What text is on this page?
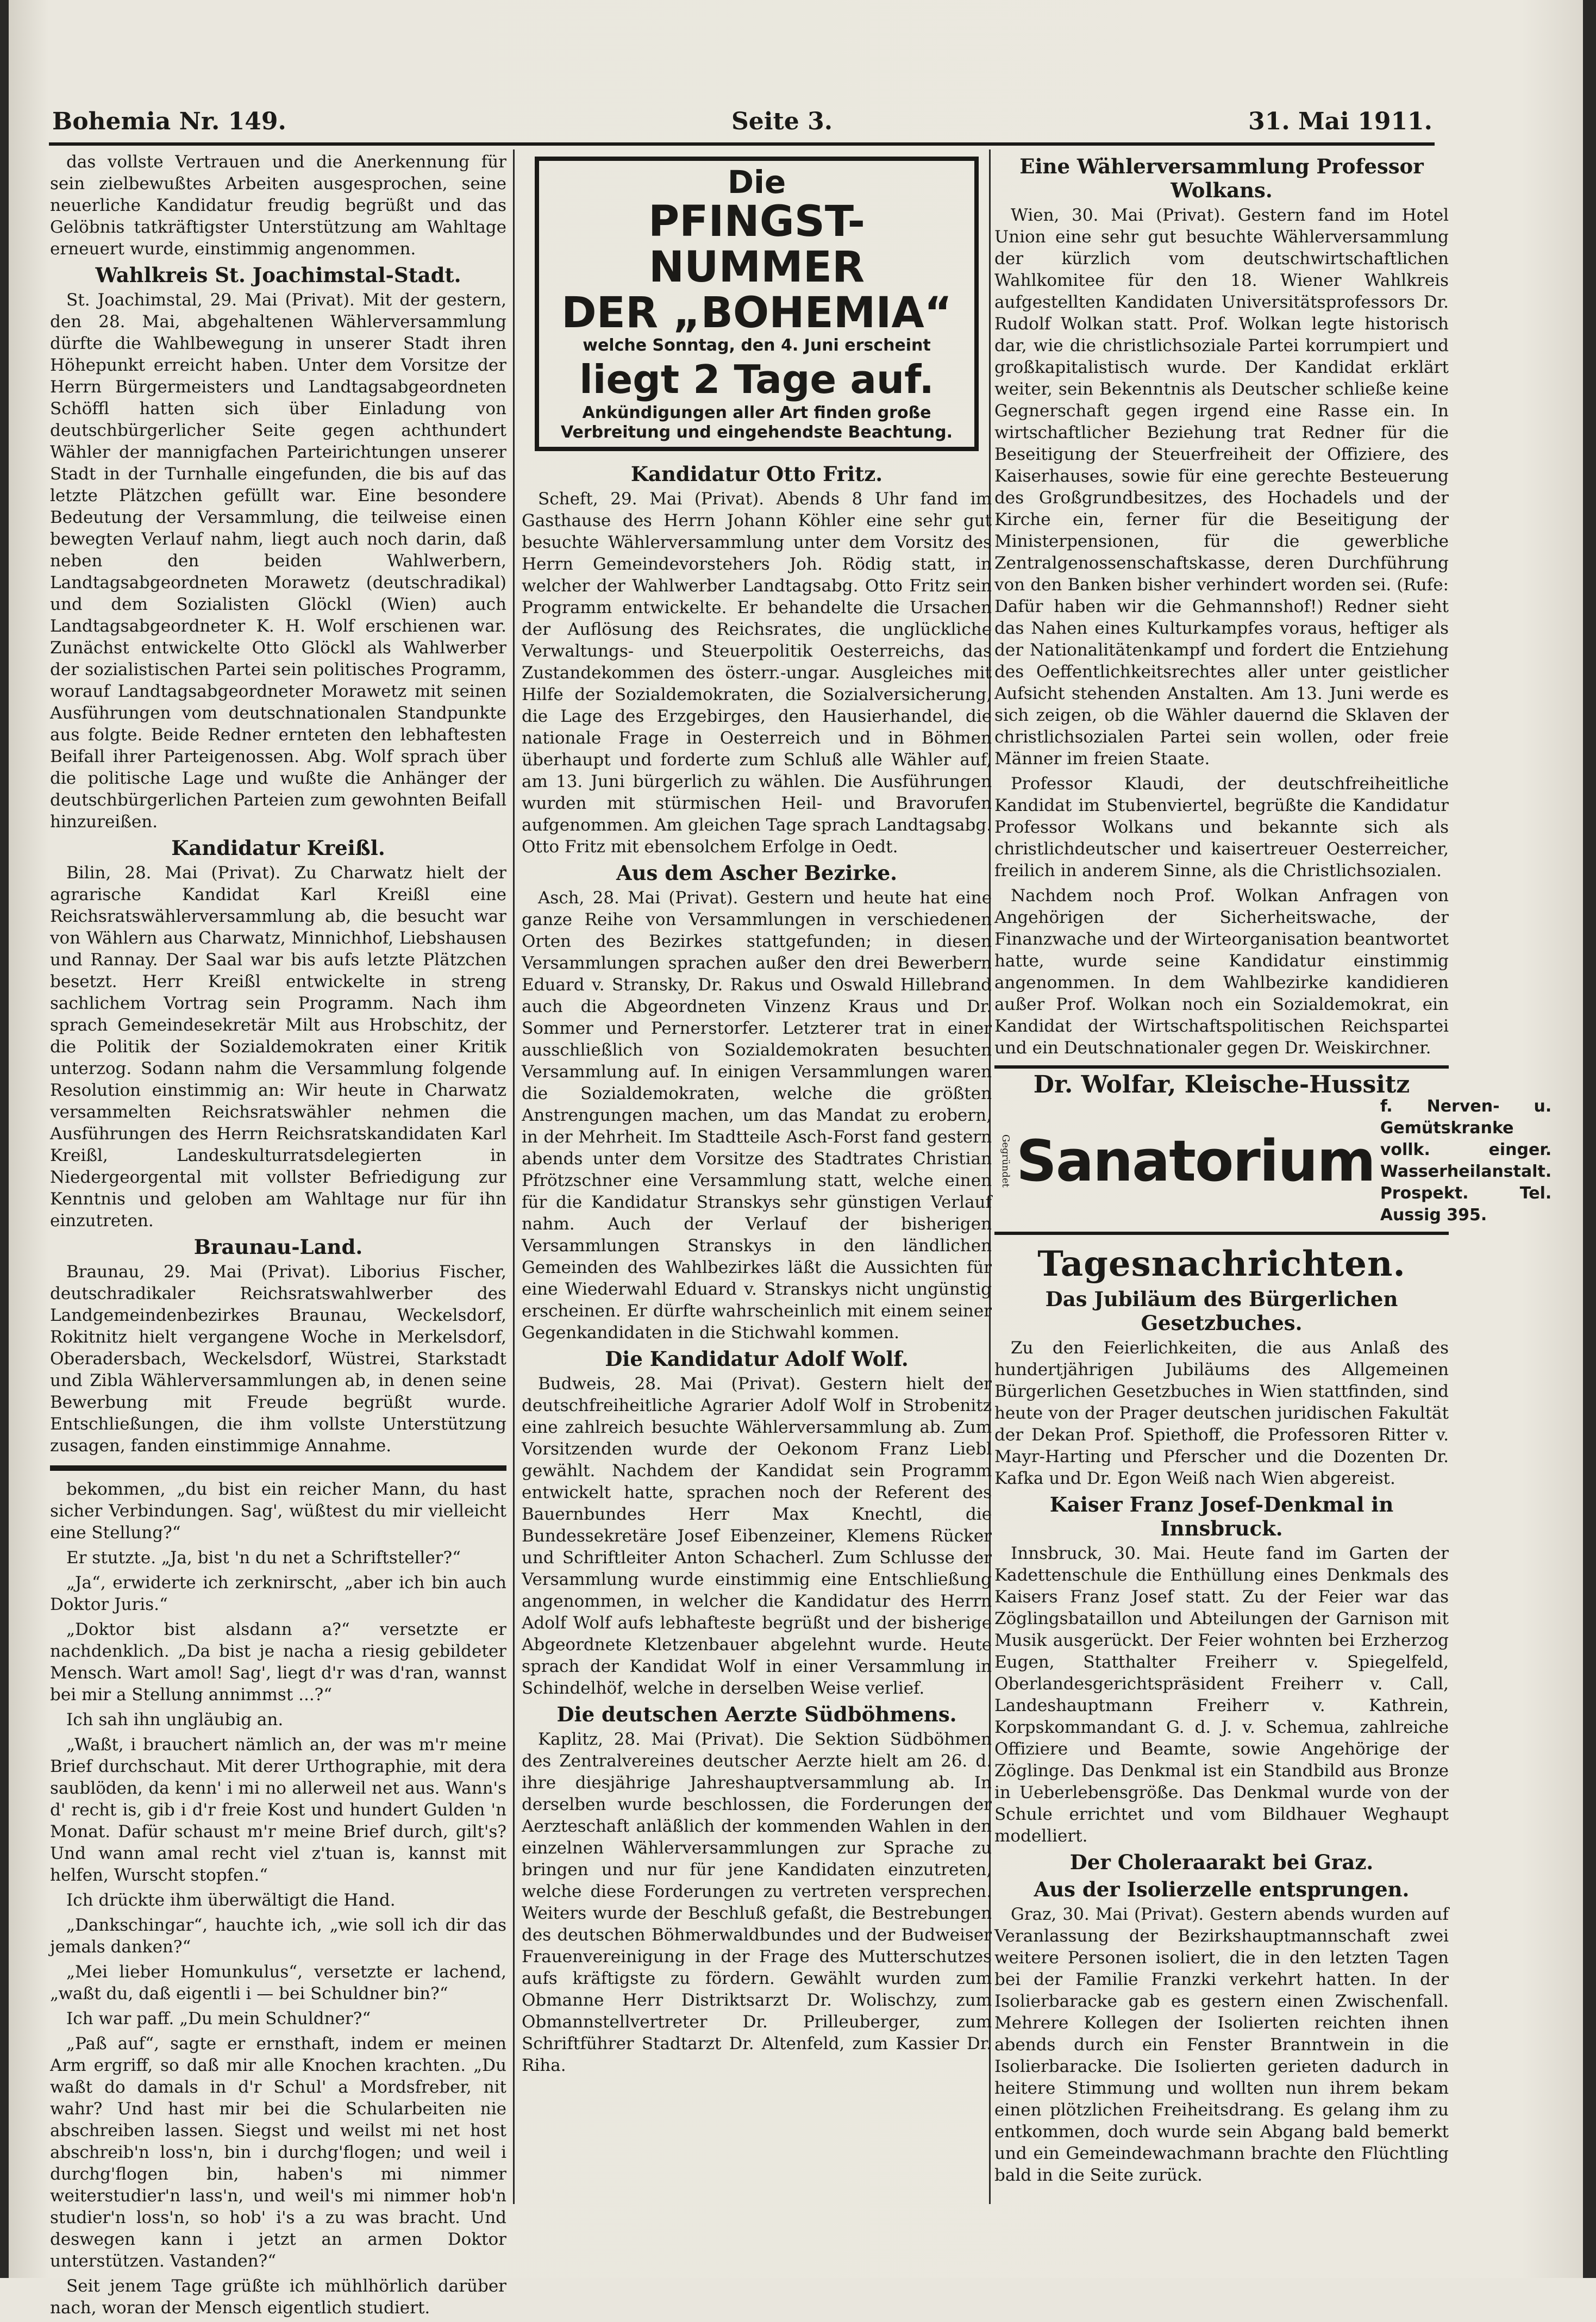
Bohemia Nr. 149.	Seite 3.	31. Mai 1911.

das vollste Vertrauen und die Anerkennung für sein zielbewußtes Arbeiten ausgesprochen, seine neuerliche Kandidatur freudig begrüßt und das Gelöbnis tatkräftigster Unterstützung am Wahltage erneuert wurde, einstimmig angenommen.

Wahlkreis St. Joachimstal-Stadt.

St. Joachimstal, 29. Mai (Privat). Mit der gestern, den 28. Mai, abgehaltenen Wählerversammlung dürfte die Wahlbewegung in unserer Stadt ihren Höhepunkt erreicht haben. Unter dem Vorsitze der Herrn Bürgermeisters und Landtagsabgeordneten Schöffl hatten sich über Einladung von deutschbürgerlicher Seite gegen achthundert Wähler der mannigfachen Parteirichtungen unserer Stadt in der Turnhalle eingefunden, die bis auf das letzte Plätzchen gefüllt war. Eine besondere Bedeutung der Versammlung, die teilweise einen bewegten Verlauf nahm, liegt auch noch darin, daß neben den beiden Wahlwerbern, Landtagsabgeordneten Morawetz (deutschradikal) und dem Sozialisten Glöckl (Wien) auch Landtagsabgeordneter K. H. Wolf erschienen war. Zunächst entwickelte Otto Glöckl als Wahlwerber der sozialistischen Partei sein politisches Programm, worauf Landtagsabgeordneter Morawetz mit seinen Ausführungen vom deutschnationalen Standpunkte aus folgte. Beide Redner ernteten den lebhaftesten Beifall ihrer Parteigenossen. Abg. Wolf sprach über die politische Lage und wußte die Anhänger der deutschbürgerlichen Parteien zum gewohnten Beifall hinzureißen.

Kandidatur Kreißl.

Bilin, 28. Mai (Privat). Zu Charwatz hielt der agrarische Kandidat Karl Kreißl eine Reichsratswählerversammlung ab, die besucht war von Wählern aus Charwatz, Minnichhof, Liebshausen und Rannay. Der Saal war bis aufs letzte Plätzchen besetzt. Herr Kreißl entwickelte in streng sachlichem Vortrag sein Programm. Nach ihm sprach Gemeindesekretär Milt aus Hrobschitz, der die Politik der Sozialdemokraten einer Kritik unterzog. Sodann nahm die Versammlung folgende Resolution einstimmig an: Wir heute in Charwatz versammelten Reichsratswähler nehmen die Ausführungen des Herrn Reichsratskandidaten Karl Kreißl, Landeskulturratsdelegierten in Niedergeorgental mit vollster Befriedigung zur Kenntnis und geloben am Wahltage nur für ihn einzutreten.

Braunau-Land.

Braunau, 29. Mai (Privat). Liborius Fischer, deutschradikaler Reichsratswahlwerber des Landgemeindenbezirkes Braunau, Weckelsdorf, Rokitnitz hielt vergangene Woche in Merkelsdorf, Oberadersbach, Weckelsdorf, Wüstrei, Starkstadt und Zibla Wählerversammlungen ab, in denen seine Bewerbung mit Freude begrüßt wurde. Entschließungen, die ihm vollste Unterstützung zusagen, fanden einstimmige Annahme.

bekommen, „du bist ein reicher Mann, du hast sicher Verbindungen. Sag', wüßtest du mir vielleicht eine Stellung?“

Er stutzte. „Ja, bist 'n du net a Schriftsteller?“

„Ja“, erwiderte ich zerknirscht, „aber ich bin auch Doktor Juris.“

„Doktor bist alsdann a?“ versetzte er nachdenklich. „Da bist je nacha a riesig gebildeter Mensch. Wart amol! Sag', liegt d'r was d'ran, wannst bei mir a Stellung annimmst ...?“

Ich sah ihn ungläubig an.

„Waßt, i brauchert nämlich an, der was m'r meine Brief durchschaut. Mit derer Urthographie, mit dera saublöden, da kenn' i mi no allerweil net aus. Wann's d' recht is, gib i d'r freie Kost und hundert Gulden 'n Monat. Dafür schaust m'r meine Brief durch, gilt's? Und wann amal recht viel z'tuan is, kannst mit helfen, Wurscht stopfen.“

Ich drückte ihm überwältigt die Hand.

„Dankschingar“, hauchte ich, „wie soll ich dir das jemals danken?“

„Mei lieber Homunkulus“, versetzte er lachend, „waßt du, daß eigentli i — bei Schuldner bin?“

Ich war paff. „Du mein Schuldner?“

„Paß auf“, sagte er ernsthaft, indem er meinen Arm ergriff, so daß mir alle Knochen krachten. „Du waßt do damals in d'r Schul' a Mordsfreber, nit wahr? Und hast mir bei die Schularbeiten nie abschreiben lassen. Siegst und weilst mi net host abschreib'n loss'n, bin i durchg'flogen; und weil i durchg'flogen bin, haben's mi nimmer weiterstudier'n lass'n, und weil's mi nimmer hob'n studier'n loss'n, so hob' i's a zu was bracht. Und deswegen kann i jetzt an armen Doktor unterstützen. Vastanden?“

Seit jenem Tage grüßte ich mühlhörlich darüber nach, woran der Mensch eigentlich studiert.

Die
PFINGST-NUMMER
DER „BOHEMIA“
welche Sonntag, den 4. Juni erscheint
liegt 2 Tage auf.
Ankündigungen aller Art finden große Verbreitung und eingehendste Beachtung.
Kandidatur Otto Fritz.

Scheft, 29. Mai (Privat). Abends 8 Uhr fand im Gasthause des Herrn Johann Köhler eine sehr gut besuchte Wählerversammlung unter dem Vorsitz des Herrn Gemeindevorstehers Joh. Rödig statt, in welcher der Wahlwerber Landtagsabg. Otto Fritz sein Programm entwickelte. Er behandelte die Ursachen der Auflösung des Reichsrates, die unglückliche Verwaltungs- und Steuerpolitik Oesterreichs, das Zustandekommen des österr.-ungar. Ausgleiches mit Hilfe der Sozialdemokraten, die Sozialversicherung, die Lage des Erzgebirges, den Hausierhandel, die nationale Frage in Oesterreich und in Böhmen überhaupt und forderte zum Schluß alle Wähler auf, am 13. Juni bürgerlich zu wählen. Die Ausführungen wurden mit stürmischen Heil- und Bravorufen aufgenommen. Am gleichen Tage sprach Landtagsabg. Otto Fritz mit ebensolchem Erfolge in Oedt.

Aus dem Ascher Bezirke.

Asch, 28. Mai (Privat). Gestern und heute hat eine ganze Reihe von Versammlungen in verschiedenen Orten des Bezirkes stattgefunden; in diesen Versammlungen sprachen außer den drei Bewerbern Eduard v. Stransky, Dr. Rakus und Oswald Hillebrand auch die Abgeordneten Vinzenz Kraus und Dr. Sommer und Pernerstorfer. Letzterer trat in einer ausschließlich von Sozialdemokraten besuchten Versammlung auf. In einigen Versammlungen waren die Sozialdemokraten, welche die größten Anstrengungen machen, um das Mandat zu erobern, in der Mehrheit. Im Stadtteile Asch-Forst fand gestern abends unter dem Vorsitze des Stadtrates Christian Pfrötzschner eine Versammlung statt, welche einen für die Kandidatur Stranskys sehr günstigen Verlauf nahm. Auch der Verlauf der bisherigen Versammlungen Stranskys in den ländlichen Gemeinden des Wahlbezirkes läßt die Aussichten für eine Wiederwahl Eduard v. Stranskys nicht ungünstig erscheinen. Er dürfte wahrscheinlich mit einem seiner Gegenkandidaten in die Stichwahl kommen.

Die Kandidatur Adolf Wolf.

Budweis, 28. Mai (Privat). Gestern hielt der deutschfreiheitliche Agrarier Adolf Wolf in Strobenitz eine zahlreich besuchte Wählerversammlung ab. Zum Vorsitzenden wurde der Oekonom Franz Liebl gewählt. Nachdem der Kandidat sein Programm entwickelt hatte, sprachen noch der Referent des Bauernbundes Herr Max Knechtl, die Bundessekretäre Josef Eibenzeiner, Klemens Rücker und Schriftleiter Anton Schacherl. Zum Schlusse der Versammlung wurde einstimmig eine Entschließung angenommen, in welcher die Kandidatur des Herrn Adolf Wolf aufs lebhafteste begrüßt und der bisherige Abgeordnete Kletzenbauer abgelehnt wurde. Heute sprach der Kandidat Wolf in einer Versammlung in Schindelhöf, welche in derselben Weise verlief.

Die deutschen Aerzte Südböhmens.

Kaplitz, 28. Mai (Privat). Die Sektion Südböhmen des Zentralvereines deutscher Aerzte hielt am 26. d. ihre diesjährige Jahreshauptversammlung ab. In derselben wurde beschlossen, die Forderungen der Aerzteschaft anläßlich der kommenden Wahlen in den einzelnen Wählerversammlungen zur Sprache zu bringen und nur für jene Kandidaten einzutreten, welche diese Forderungen zu vertreten versprechen. Weiters wurde der Beschluß gefaßt, die Bestrebungen des deutschen Böhmerwaldbundes und der Budweiser Frauenvereinigung in der Frage des Mutterschutzes aufs kräftigste zu fördern. Gewählt wurden zum Obmanne Herr Distriktsarzt Dr. Wolischzy, zum Obmannstellvertreter Dr. Prilleuberger, zum Schriftführer Stadtarzt Dr. Altenfeld, zum Kassier Dr. Riha.

Eine Wählerversammlung Professor Wolkans.

Wien, 30. Mai (Privat). Gestern fand im Hotel Union eine sehr gut besuchte Wählerversammlung der kürzlich vom deutschwirtschaftlichen Wahlkomitee für den 18. Wiener Wahlkreis aufgestellten Kandidaten Universitätsprofessors Dr. Rudolf Wolkan statt. Prof. Wolkan legte historisch dar, wie die christlichsoziale Partei korrumpiert und großkapitalistisch wurde. Der Kandidat erklärt weiter, sein Bekenntnis als Deutscher schließe keine Gegnerschaft gegen irgend eine Rasse ein. In wirtschaftlicher Beziehung trat Redner für die Beseitigung der Steuerfreiheit der Offiziere, des Kaiserhauses, sowie für eine gerechte Besteuerung des Großgrundbesitzes, des Hochadels und der Kirche ein, ferner für die Beseitigung der Ministerpensionen, für die gewerbliche Zentralgenossenschaftskasse, deren Durchführung von den Banken bisher verhindert worden sei. (Rufe: Dafür haben wir die Gehmannshof!) Redner sieht das Nahen eines Kulturkampfes voraus, heftiger als der Nationalitätenkampf und fordert die Entziehung des Oeffentlichkeitsrechtes aller unter geistlicher Aufsicht stehenden Anstalten. Am 13. Juni werde es sich zeigen, ob die Wähler dauernd die Sklaven der christlichsozialen Partei sein wollen, oder freie Männer im freien Staate.

Professor Klaudi, der deutschfreiheitliche Kandidat im Stubenviertel, begrüßte die Kandidatur Professor Wolkans und bekannte sich als christlichdeutscher und kaisertreuer Oesterreicher, freilich in anderem Sinne, als die Christlichsozialen.

Nachdem noch Prof. Wolkan Anfragen von Angehörigen der Sicherheitswache, der Finanzwache und der Wirteorganisation beantwortet hatte, wurde seine Kandidatur einstimmig angenommen. In dem Wahlbezirke kandidieren außer Prof. Wolkan noch ein Sozialdemokrat, ein Kandidat der Wirtschaftspolitischen Reichspartei und ein Deutschnationaler gegen Dr. Weiskirchner.

Dr. Wolfar, Kleische-Hussitz
Gegründet Sanatorium
f. Nerven- u. Gemütskranke
vollk. einger. Wasserheilanstalt.
Prospekt. Tel. Aussig 395.
Tagesnachrichten.
Das Jubiläum des Bürgerlichen Gesetzbuches.

Zu den Feierlichkeiten, die aus Anlaß des hundertjährigen Jubiläums des Allgemeinen Bürgerlichen Gesetzbuches in Wien stattfinden, sind heute von der Prager deutschen juridischen Fakultät der Dekan Prof. Spiethoff, die Professoren Ritter v. Mayr-Harting und Pferscher und die Dozenten Dr. Kafka und Dr. Egon Weiß nach Wien abgereist.

Kaiser Franz Josef-Denkmal in Innsbruck.

Innsbruck, 30. Mai. Heute fand im Garten der Kadettenschule die Enthüllung eines Denkmals des Kaisers Franz Josef statt. Zu der Feier war das Zöglingsbataillon und Abteilungen der Garnison mit Musik ausgerückt. Der Feier wohnten bei Erzherzog Eugen, Statthalter Freiherr v. Spiegelfeld, Oberlandesgerichtspräsident Freiherr v. Call, Landeshauptmann Freiherr v. Kathrein, Korpskommandant G. d. J. v. Schemua, zahlreiche Offiziere und Beamte, sowie Angehörige der Zöglinge. Das Denkmal ist ein Standbild aus Bronze in Ueberlebensgröße. Das Denkmal wurde von der Schule errichtet und vom Bildhauer Weghaupt modelliert.

Der Choleraarakt bei Graz.
Aus der Isolierzelle entsprungen.

Graz, 30. Mai (Privat). Gestern abends wurden auf Veranlassung der Bezirkshauptmannschaft zwei weitere Personen isoliert, die in den letzten Tagen bei der Familie Franzki verkehrt hatten. In der Isolierbaracke gab es gestern einen Zwischenfall. Mehrere Kollegen der Isolierten reichten ihnen abends durch ein Fenster Branntwein in die Isolierbaracke. Die Isolierten gerieten dadurch in heitere Stimmung und wollten nun ihrem bekam einen plötzlichen Freiheitsdrang. Es gelang ihm zu entkommen, doch wurde sein Abgang bald bemerkt und ein Gemeindewachmann brachte den Flüchtling bald in die Seite zurück.
